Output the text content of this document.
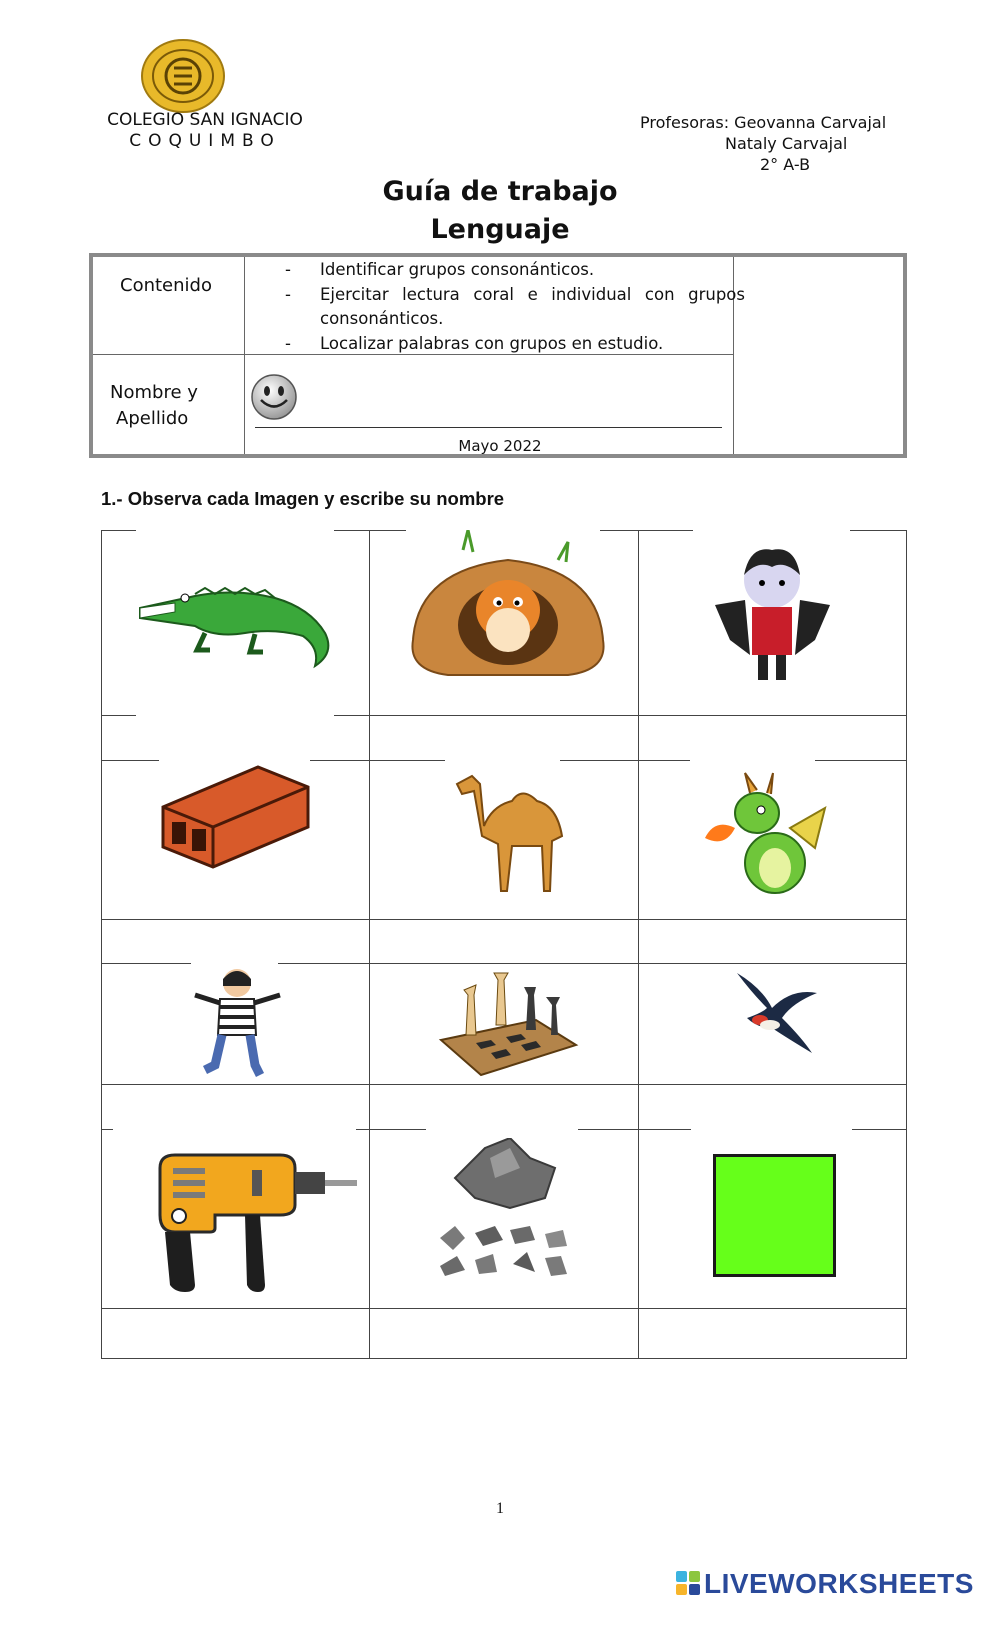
COLEGIO SAN IGNACIO
COQUIMBO
Profesoras: Geovanna Carvajal
Nataly Carvajal
2° A-B
Guía de trabajo
Lenguaje
Contenido
- Identificar grupos consonánticos.
- Ejercitar lectura coral e individual con grupos consonánticos.
- Localizar palabras con grupos en estudio.
Nombre y
Apellido
Mayo 2022
1.- Observa cada Imagen y escribe su nombre
1
LIVEWORKSHEETS
